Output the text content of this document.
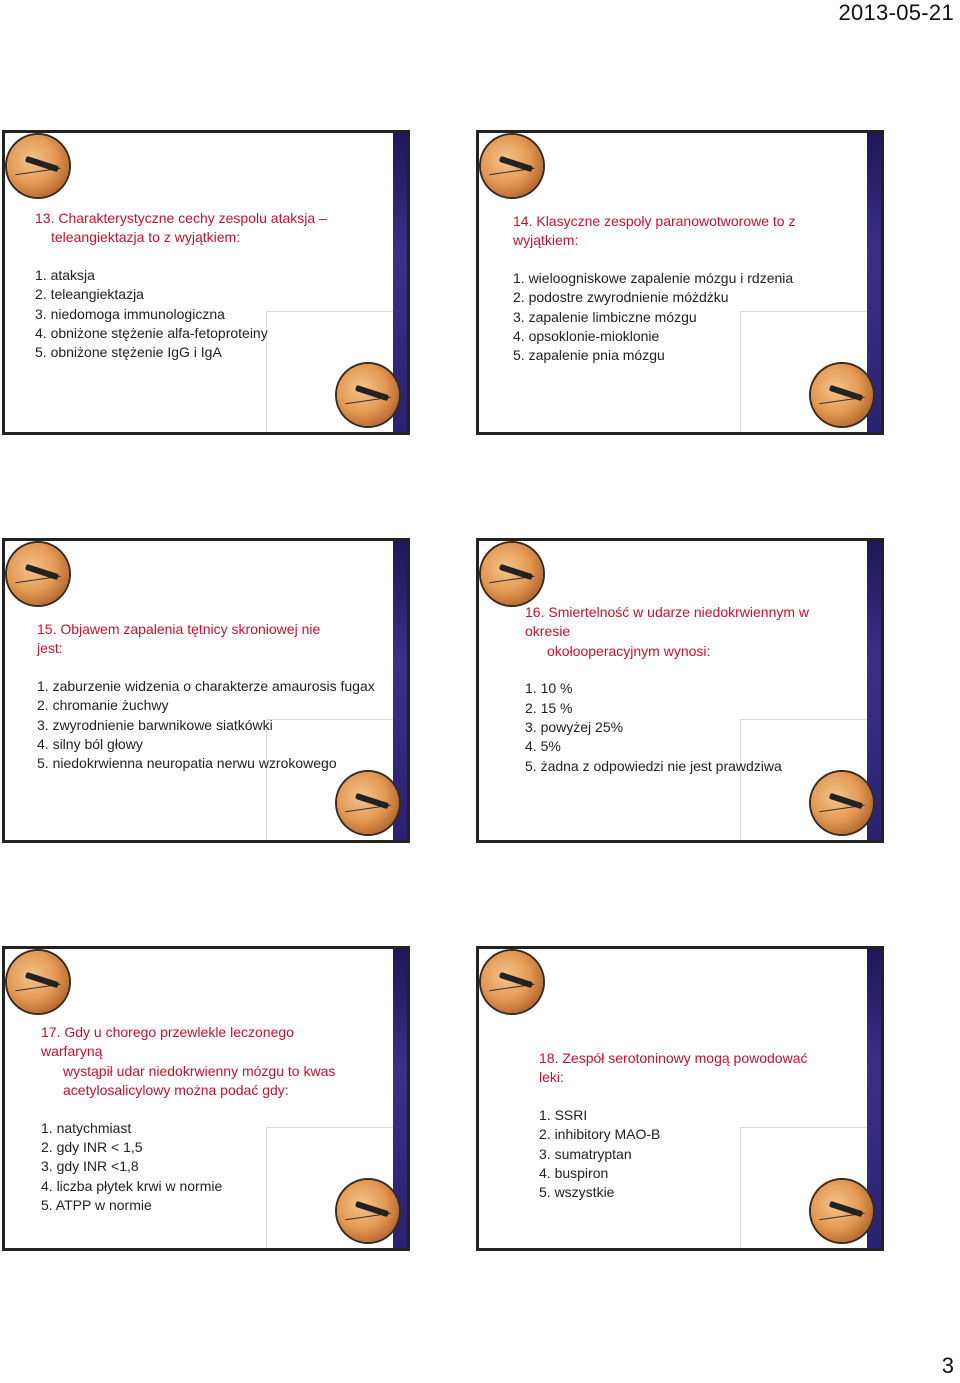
2013-05-21

13. Charakterystyczne cechy zespolu ataksja –
teleangiektazja to z wyjątkiem:

1. ataksja
2. teleangiektazja
3. niedomoga immunologiczna
4. obniżone stężenie alfa-fetoproteiny
5. obniżone stężenie IgG i IgA

14. Klasyczne zespoły paranowotworowe to z wyjątkiem:

1. wieloogniskowe zapalenie mózgu i rdzenia
2. podostre zwyrodnienie móżdżku
3. zapalenie limbiczne mózgu
4. opsoklonie-mioklonie
5. zapalenie pnia mózgu

15. Objawem zapalenia tętnicy skroniowej nie jest:

1. zaburzenie widzenia o charakterze amaurosis fugax
2. chromanie żuchwy
3. zwyrodnienie barwnikowe siatkówki
4. silny ból głowy
5. niedokrwienna neuropatia nerwu wzrokowego

16. Smiertelność w udarze niedokrwiennym w okresie
okołooperacyjnym wynosi:

1. 10 %
2. 15 %
3. powyżej 25%
4. 5%
5. żadna z odpowiedzi nie jest prawdziwa

17. Gdy u chorego przewlekle leczonego warfaryną
wystąpił udar niedokrwienny mózgu to kwas
acetylosalicylowy można podać gdy:

1. natychmiast
2. gdy INR < 1,5
3. gdy INR <1,8
4. liczba płytek krwi w normie
5. ATPP w normie

18. Zespół serotoninowy mogą powodować leki:

1. SSRI
2. inhibitory MAO-B
3. sumatryptan
4. buspiron
5. wszystkie
3
